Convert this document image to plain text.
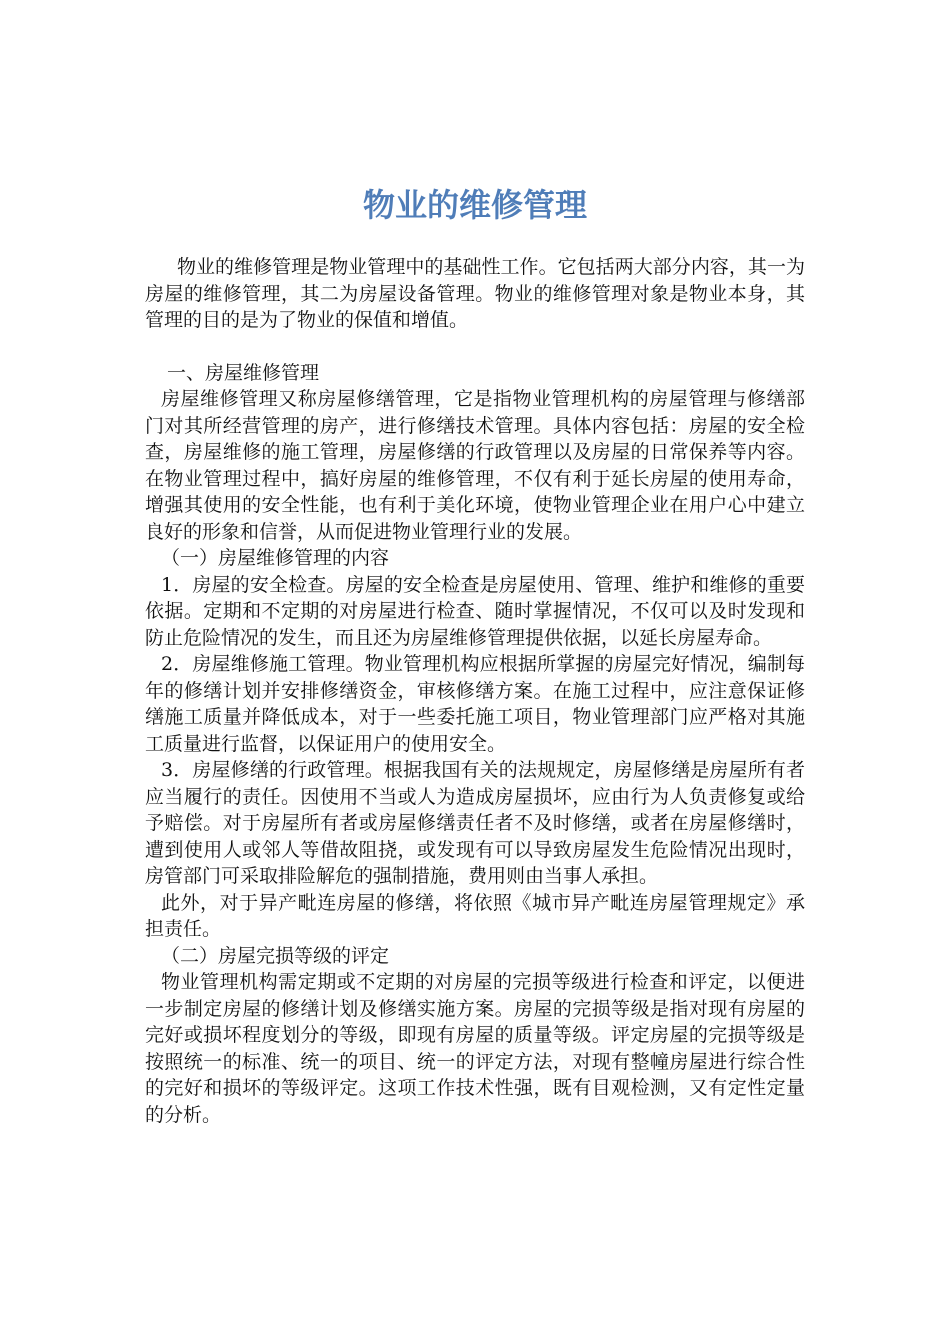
物业的维修管理

物业的维修管理是物业管理中的基础性工作。它包括两大部分内容，其一为房屋的维修管理，其二为房屋设备管理。物业的维修管理对象是物业本身，其管理的目的是为了物业的保值和增值。

一、房屋维修管理

房屋维修管理又称房屋修缮管理，它是指物业管理机构的房屋管理与修缮部门对其所经营管理的房产，进行修缮技术管理。具体内容包括：房屋的安全检查，房屋维修的施工管理，房屋修缮的行政管理以及房屋的日常保养等内容。在物业管理过程中，搞好房屋的维修管理，不仅有利于延长房屋的使用寿命，增强其使用的安全性能，也有利于美化环境，使物业管理企业在用户心中建立良好的形象和信誉，从而促进物业管理行业的发展。

（一）房屋维修管理的内容

1．房屋的安全检查。房屋的安全检查是房屋使用、管理、维护和维修的重要依据。定期和不定期的对房屋进行检查、随时掌握情况，不仅可以及时发现和防止危险情况的发生，而且还为房屋维修管理提供依据，以延长房屋寿命。

2．房屋维修施工管理。物业管理机构应根据所掌握的房屋完好情况，编制每年的修缮计划并安排修缮资金，审核修缮方案。在施工过程中，应注意保证修缮施工质量并降低成本，对于一些委托施工项目，物业管理部门应严格对其施工质量进行监督，以保证用户的使用安全。

3．房屋修缮的行政管理。根据我国有关的法规规定，房屋修缮是房屋所有者应当履行的责任。因使用不当或人为造成房屋损坏，应由行为人负责修复或给予赔偿。对于房屋所有者或房屋修缮责任者不及时修缮，或者在房屋修缮时，遭到使用人或邻人等借故阻挠，或发现有可以导致房屋发生危险情况出现时，房管部门可采取排险解危的强制措施，费用则由当事人承担。

此外，对于异产毗连房屋的修缮，将依照《城市异产毗连房屋管理规定》承担责任。

（二）房屋完损等级的评定

物业管理机构需定期或不定期的对房屋的完损等级进行检查和评定，以便进一步制定房屋的修缮计划及修缮实施方案。房屋的完损等级是指对现有房屋的完好或损坏程度划分的等级，即现有房屋的质量等级。评定房屋的完损等级是按照统一的标准、统一的项目、统一的评定方法，对现有整幢房屋进行综合性的完好和损坏的等级评定。这项工作技术性强，既有目观检测，又有定性定量的分析。
